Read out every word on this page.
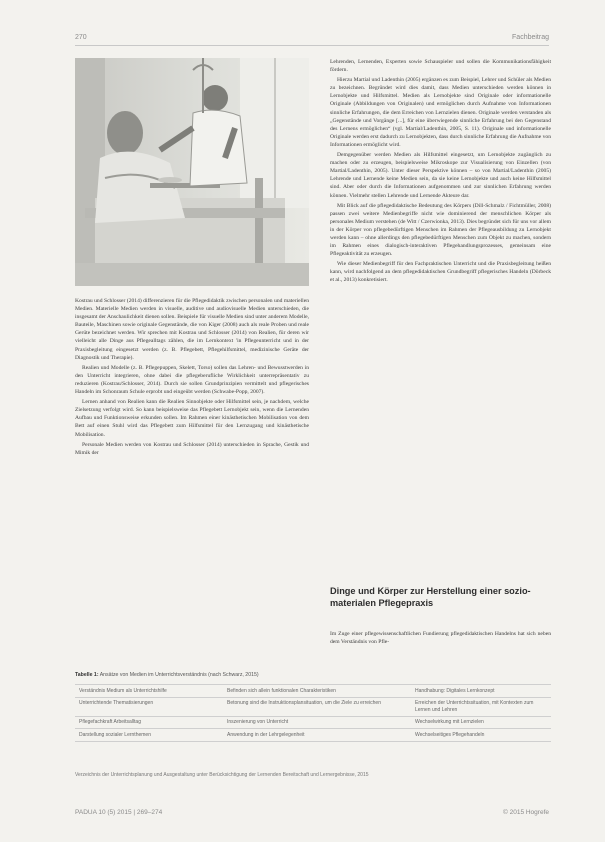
270	Fachbeitrag

Kostrau und Schlosser (2014) differenzieren für die Pflegedidaktik zwischen personalen und materiellen Medien. Materielle Medien werden in visuelle, auditive und audiovisuelle Medien unterschieden, die insgesamt der Anschaulichkeit dienen sollen. Beispiele für visuelle Medien sind unter anderem Modelle, Bauteile, Maschinen sowie originale Gegenstände, die von Kiger (2008) auch als reale Proben und reale Gerüte bezeichnet werden. Wir sprechen mit Kostrau und Schlosser (2014) von Realien, für deren wir vielleicht alle Dinge aus Pflegealltags zählen, die im Lernkontext 'in Pflegeunterricht und in der Praxisbegleitung eingesetzt werden (z. B. Pflegebett, Pflegehilfsmittel, medizinische Geräte der Diagnostik und Therapie).

Realien und Modelle (z. B. Pflegepuppen, Skelett, Torso) sollen das Lehren- und Bewusstwerden in den Unterricht integrieren, ohne dabei die pflegeberufliche Wirklichkeit unterrepräsentativ zu reduzieren (Kostrau/Schlosser, 2014). Durch sie sollen Grundprinzipien vermittelt und pflegerisches Handeln im Schonraum Schule erprobt und eingeübt werden (Schwabe-Popp, 2007).

Lernen anhand von Realien kann die Realien Sinnobjekte oder Hilfsmittel sein, je nachdem, welche Zielsetzung verfolgt wird. So kann beispielsweise das Pflegebett Lernobjekt sein, wenn die Lernenden Aufbau und Funktionsweise erkunden sollen. Im Rahmen einer kinästhetischen Mobilisation von dem Bett auf einen Stuhl wird das Pflegebett zum Hilfsmittel für den Lernzugang und kinästhetische Mobilisation.

Personale Medien werden von Kostrau und Schlosser (2014) unterschieden in Sprache, Gestik und Mimik der

Lehrenden, Lernenden, Experten sowie Schauspieler und sollen die Kommunikationsfähigkeit fördern.

Hierzu Martial und Ladenthin (2005) ergänzen es zum Beispiel, Lehrer und Schüler als Medien zu bezeichnen. Begründet wird dies damit, dass Medien unterschieden werden können in Lernobjekte und Hilfsmittel. Medien als Lernobjekte sind Originale oder informationelle Originale (Abbildungen von Originalen) und ermöglichen durch Aufnahme von Informationen sinnliche Erfahrungen, die dem Erreichen von Lernzielen dienen. Originale werden verstanden als „Gegenstände und Vorgänge [...], für eine überwiegende sinnliche Erfahrung bei den Gegenstand des Lernens ermöglichen“ (vgl. Martial/Ladenthin, 2005, S. 11). Originale und informationelle Originale werden erst dadurch zu Lernobjekten, dass durch sinnliche Erfahrung die Aufnahme von Informationen ermöglicht wird.

Demgegenüber werden Medien als Hilfsmittel eingesetzt, um Lernobjekte zugänglich zu machen oder zu erzeugen, beispielsweise Mikroskope zur Visualisierung von Einzellen (von Martial/Ladenthin, 2005). Unter dieser Perspektive können – so von Martial/Ladenthin (2005) Lehrende und Lernende keine Medien sein, da sie keine Lernobjekte und auch keine Hilfsmittel sind. Aber oder durch die Informationen aufgenommen und zur sinnlichen Erfahrung werden können. Vielmehr stellen Lehrende und Lernende Akteure dar.

Mit Blick auf die pflegedidaktische Bedeutung des Körpers (Dill-Schmalz / Fichtmüller, 2008) passen zwei weitere Medienbegriffe nicht wie dominierend der menschlichen Körper als personales Medium verstehen (de Witt / Czerwionka, 2013). Dies begründet sich für uns vor allem in der Körper von pflegebedürftigen Menschen im Rahmen der Pflegeausbildung zu Lernobjekt werden kann – ohne allerdings den pflegebedürftigen Menschen zum Objekt zu machen, sondern im Rahmen eines dialogisch-interaktiven Pflegehandlungsprozesses, gemeinsam eine Pflegeaktivität zu erzeugen.

Wie dieser Medienbegriff für den Fachpraktischen Unterricht und die Praxisbegleitung heißen kann, wird nachfolgend an dem pflegedidaktischen Grundbegriff pflegerisches Handeln (Dörbeck et al., 2013) konkretisiert.

Dinge und Körper zur Herstellung einer sozio-materialen Pflegepraxis

Im Zuge einer pflegewissenschaftlichen Fundierung pflegedidaktischen Handelns hat sich neben dem Verständnis von Pfle-

Tabelle 1: Ansätze von Medien im Unterrichtsverständnis (nach Schwarz, 2015)
Verständnis Medium als Unterrichtshilfe	Befinden sich allein funktionalen Charakteristiken	Handhabung: Digitales Lernkonzept
Unterrichtende Thematisierungen	Betonung sind die Instruktionsplansituation, um die Ziele zu erreichen	Erreichen der Unterrichtssituation, mit Kontexten zum Lernen und Lehren
Pflegefachkraft Arbeitsalltag	Inszenierung von Unterricht	Wechselwirkung mit Lernzielen
Darstellung sozialer Lernthemen	Anwendung in der Lehrgelegenheit	Wechselseitiges Pflegehandeln
Verzeichnis der Unterrichtsplanung und Ausgestaltung unter Berücksichtigung der Lernenden Bereitschaft und Lernergebnisse, 2015
PADUA 10 (5) 2015 | 269–274	© 2015 Hogrefe
